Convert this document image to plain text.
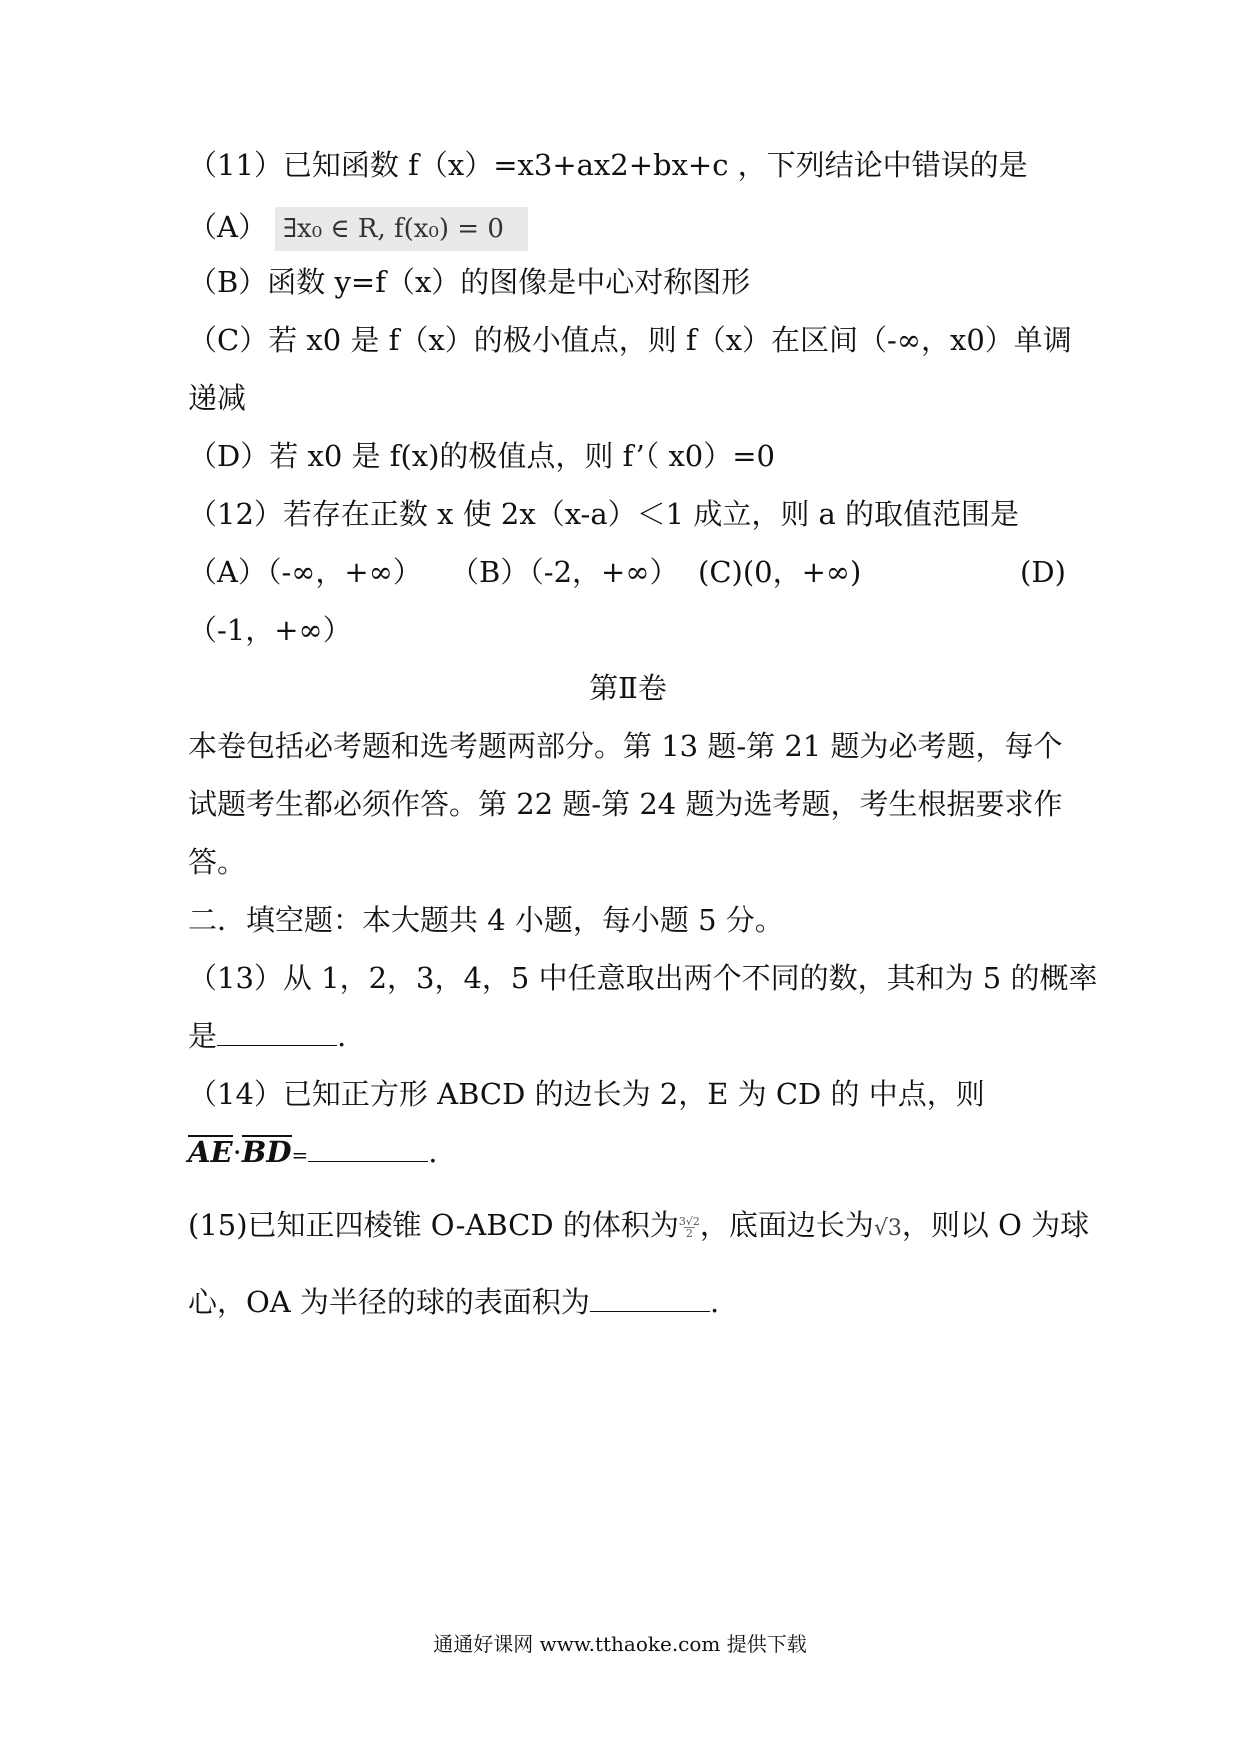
（11）已知函数 f（x）=x3+ax2+bx+c ，下列结论中错误的是
（A） ∃x₀ ∈ R, f(x₀) = 0
（B）函数 y=f（x）的图像是中心对称图形
（C）若 x0 是 f（x）的极小值点，则 f（x）在区间（-∞，x0）单调
递减
（D）若 x0 是 f(x)的极值点，则 f’（ x0）=0
（12）若存在正数 x 使 2x（x-a）＜1 成立，则 a 的取值范围是
（A）（-∞，+∞） （B）（-2，+∞） (C)(0，+∞)	(D)
（-1，+∞）
第Ⅱ卷
本卷包括必考题和选考题两部分。第 13 题-第 21 题为必考题，每个
试题考生都必须作答。第 22 题-第 24 题为选考题，考生根据要求作
答。
二．填空题：本大题共 4 小题，每小题 5 分。
（13）从 1，2，3，4，5 中任意取出两个不同的数，其和为 5 的概率
是	.
（14）已知正方形 ABCD 的边长为 2，E 为 CD 的 中点，则
AE·BD=	.
(15)已知正四棱锥 O-ABCD 的体积为$\frac{3√2}{2}$，底面边长为√3，则以 O 为球
心，OA 为半径的球的表面积为	.
通通好课网 www.tthaoke.com 提供下载
